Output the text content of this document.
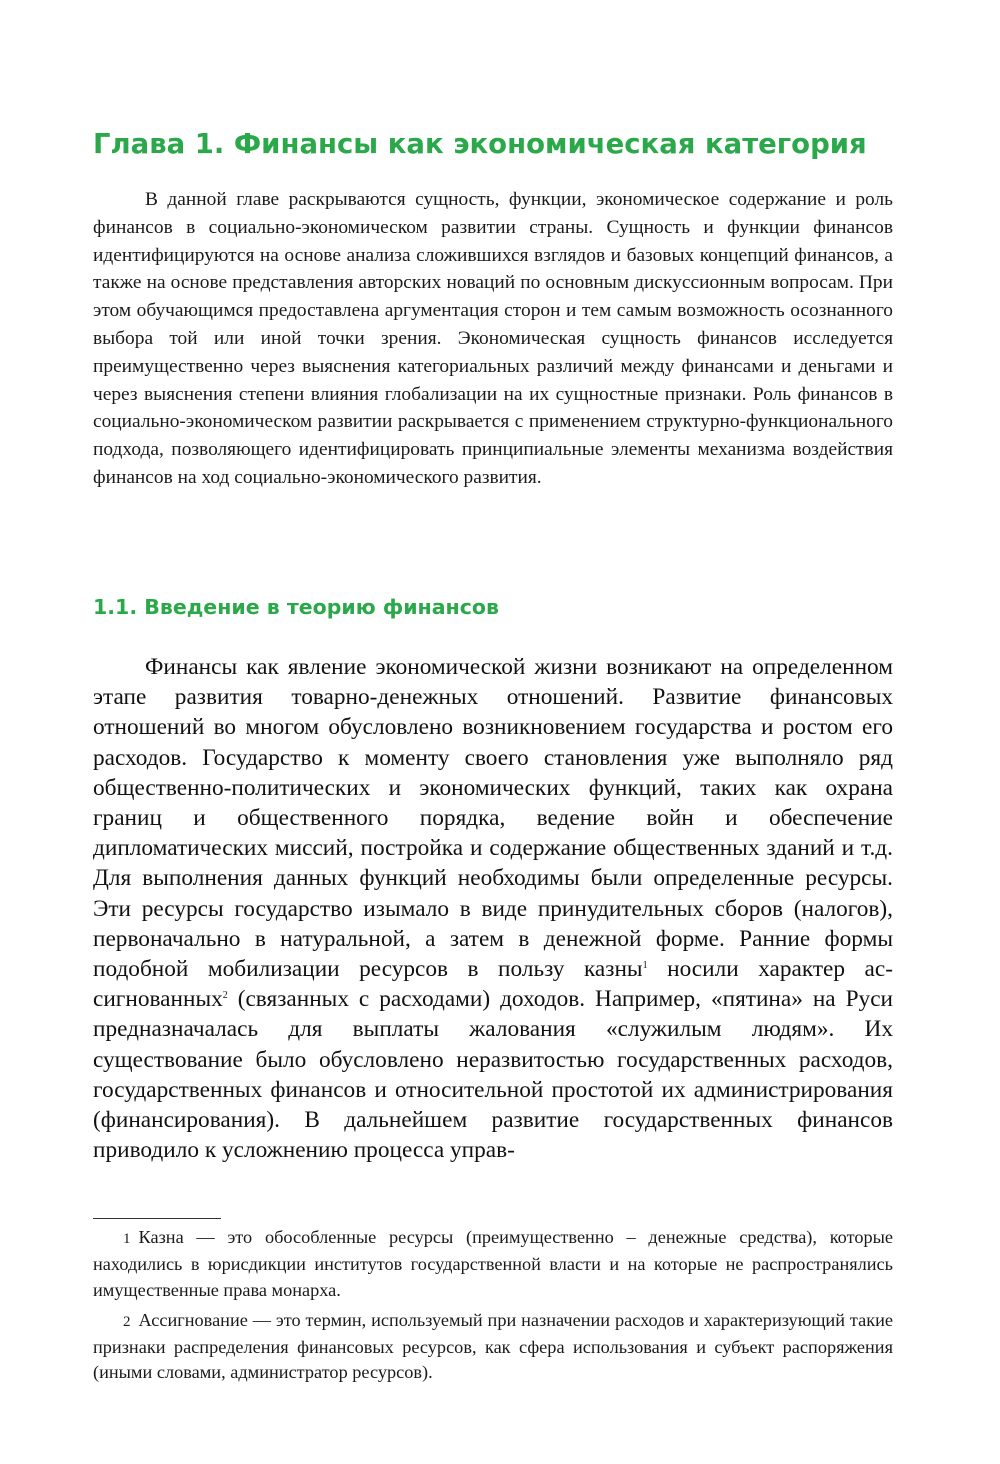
Глава 1. Финансы как экономическая категория

В данной главе раскрываются сущность, функции, экономическое содержание и роль финансов в социально-экономическом развитии страны. Сущность и функции финансов идентифицируются на основе анализа сложившихся взглядов и базовых концепций финансов, а также на основе представления авторских новаций по основным дискуссионным вопросам. При этом обучающимся предоставлена аргументация сторон и тем самым возможность осознанного выбора той или иной точки зрения. Экономическая сущность финансов исследуется преимущественно через выяснения категориальных различий между финансами и деньгами и через выяснения степени влияния глобализации на их сущностные признаки. Роль финансов в социально-экономическом развитии раскрывается с применением структурно-функционального подхода, позволяющего идентифицировать принципиальные элементы механизма воздействия финансов на ход социально-экономического развития.

1.1. Введение в теорию финансов

Финансы как явление экономической жизни возникают на определенном этапе развития товарно-денежных отношений. Развитие финансовых отношений во многом обусловлено возникновением государства и ростом его расходов. Государство к моменту своего становления уже выполняло ряд общественно-политических и экономических функций, таких как охрана границ и общественного порядка, ведение войн и обеспечение дипломатических миссий, постройка и содержание общественных зданий и т.д. Для выполнения данных функций необходимы были определенные ресурсы. Эти ресурсы государство изымало в виде принудительных сборов (налогов), первоначально в натуральной, а затем в денежной форме. Ранние формы подобной мобилизации ресурсов в пользу казны$^1$ носили характер ассигнованных$^2$ (связанных с расходами) доходов. Например, «пятина» на Руси предназначалась для выплаты жалования «служилым людям». Их существование было обусловлено неразвитостью государственных расходов, государственных финансов и относительной простотой их администрирования (финансирования). В дальнейшем развитие государственных финансов приводило к усложнению процесса управ-

1 Казна — это обособленные ресурсы (преимущественно – денежные средства), которые находились в юрисдикции институтов государственной власти и на которые не распространялись имущественные права монарха.

2 Ассигнование — это термин, используемый при назначении расходов и характеризующий такие признаки распределения финансовых ресурсов, как сфера использования и субъект распоряжения (иными словами, администратор ресурсов).
